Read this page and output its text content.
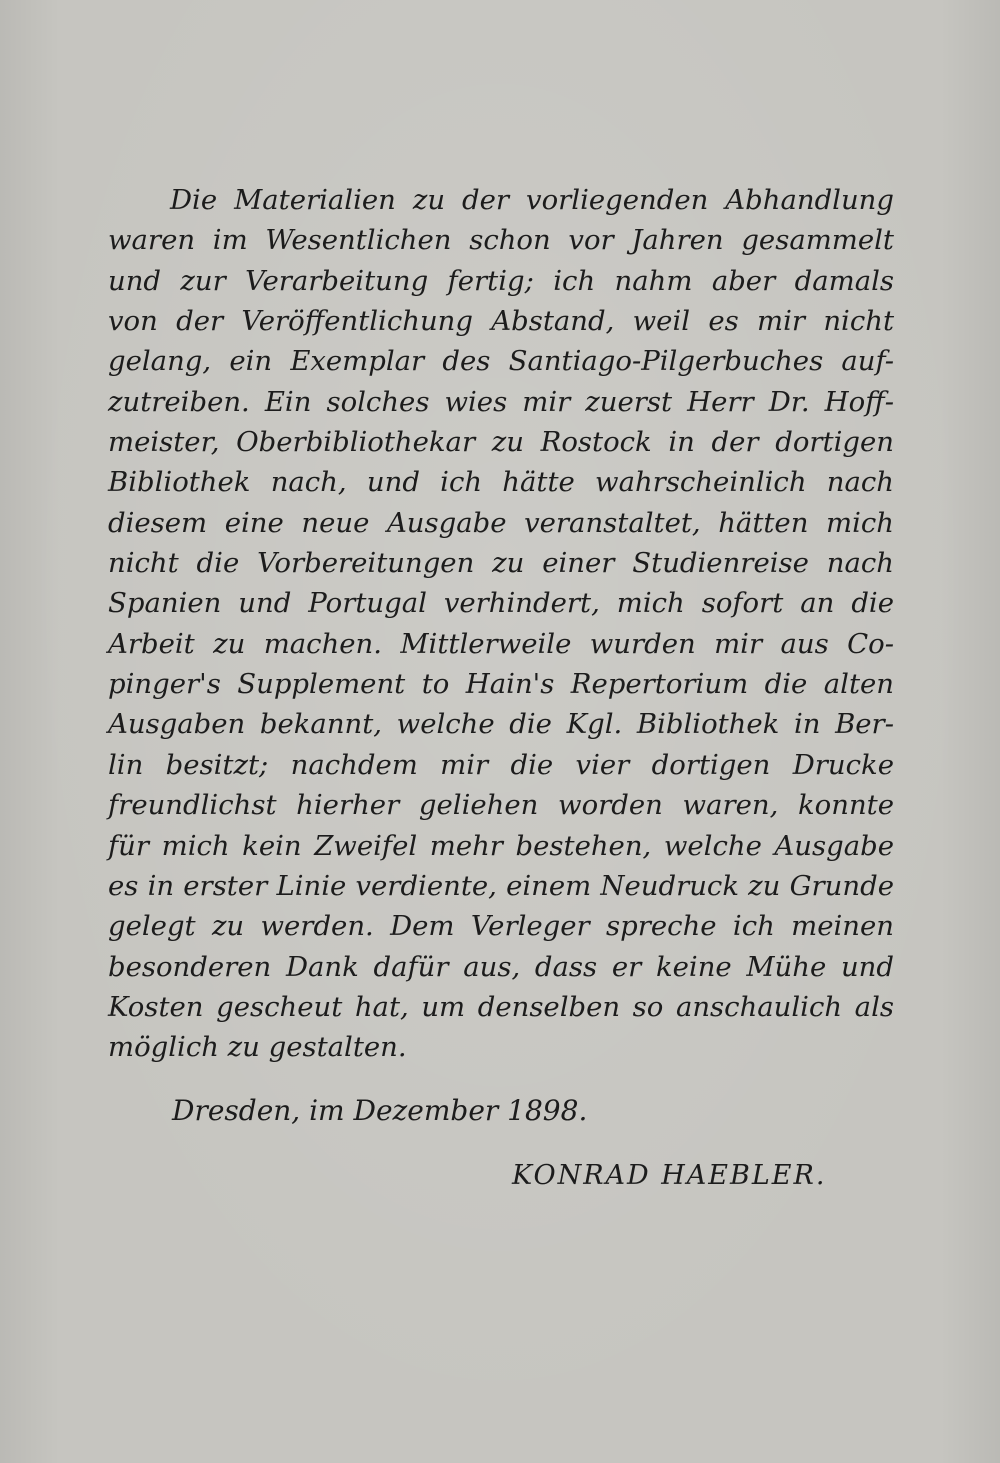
Die Materialien zu der vorliegenden Abhandlung
waren im Wesentlichen schon vor Jahren gesammelt
und zur Verarbeitung fertig; ich nahm aber damals
von der Veröffentlichung Abstand, weil es mir nicht
gelang, ein Exemplar des Santiago-Pilgerbuches auf-
zutreiben. Ein solches wies mir zuerst Herr Dr. Hoff-
meister, Oberbibliothekar zu Rostock in der dortigen
Bibliothek nach, und ich hätte wahrscheinlich nach
diesem eine neue Ausgabe veranstaltet, hätten mich
nicht die Vorbereitungen zu einer Studienreise nach
Spanien und Portugal verhindert, mich sofort an die
Arbeit zu machen. Mittlerweile wurden mir aus Co-
pinger's Supplement to Hain's Repertorium die alten
Ausgaben bekannt, welche die Kgl. Bibliothek in Ber-
lin besitzt; nachdem mir die vier dortigen Drucke
freundlichst hierher geliehen worden waren, konnte
für mich kein Zweifel mehr bestehen, welche Ausgabe
es in erster Linie verdiente, einem Neudruck zu Grunde
gelegt zu werden. Dem Verleger spreche ich meinen
besonderen Dank dafür aus, dass er keine Mühe und
Kosten gescheut hat, um denselben so anschaulich als
möglich zu gestalten.

Dresden, im Dezember 1898.

KONRAD HAEBLER.
